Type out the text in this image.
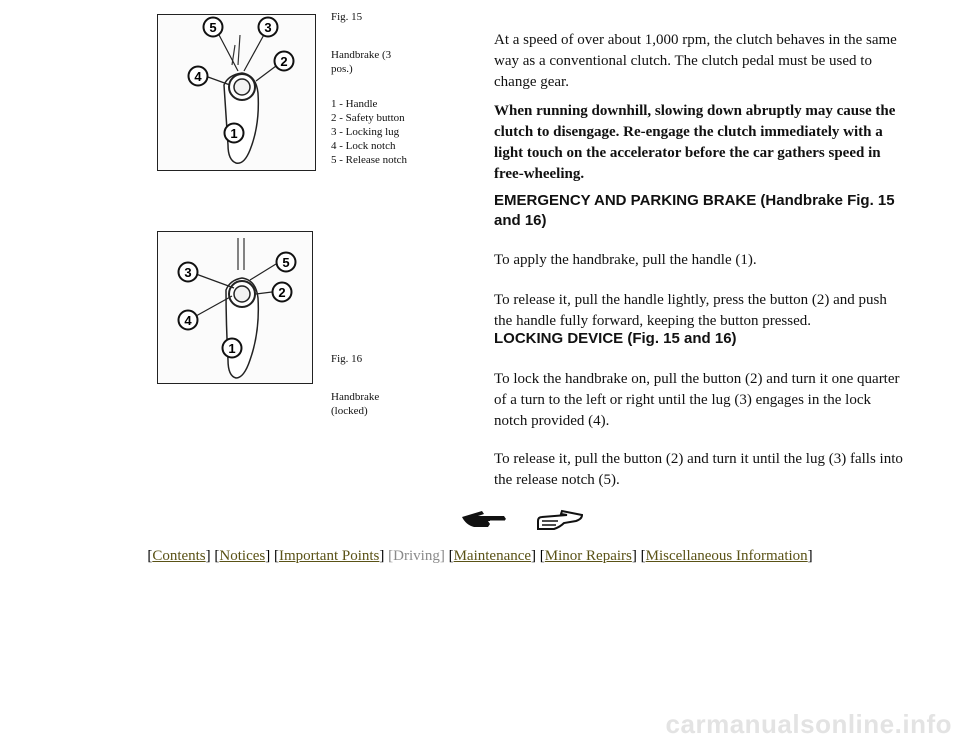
5	3
2
4
1
3
5
2
4
1
Fig. 15
Handbrake (3
pos.)
1 - Handle
2 - Safety button
3 - Locking lug
4 - Lock notch
5 - Release notch
Fig. 16
Handbrake
(locked)
At a speed of over about 1,000 rpm, the clutch behaves in the same way as a conventional clutch. The clutch pedal must be used to change gear.
When running downhill, slowing down abruptly may cause the clutch to disengage. Re-engage the clutch immediately with a light touch on the accelerator before the car gathers speed in free-wheeling.
EMERGENCY AND PARKING BRAKE (Handbrake Fig. 15 and 16)
To apply the handbrake, pull the handle (1).
To release it, pull the handle lightly, press the button (2) and push the handle fully forward, keeping the button pressed.
LOCKING DEVICE (Fig. 15 and 16)
To lock the handbrake on, pull the button (2) and turn it one quarter of a turn to the left or right until the lug (3) engages in the lock notch provided (4).
To release it, pull the button (2) and turn it until the lug (3) falls into the release notch (5).
[Contents] [Notices] [Important Points] [Driving] [Maintenance] [Minor Repairs] [Miscellaneous Information]
carmanualsonline.info
